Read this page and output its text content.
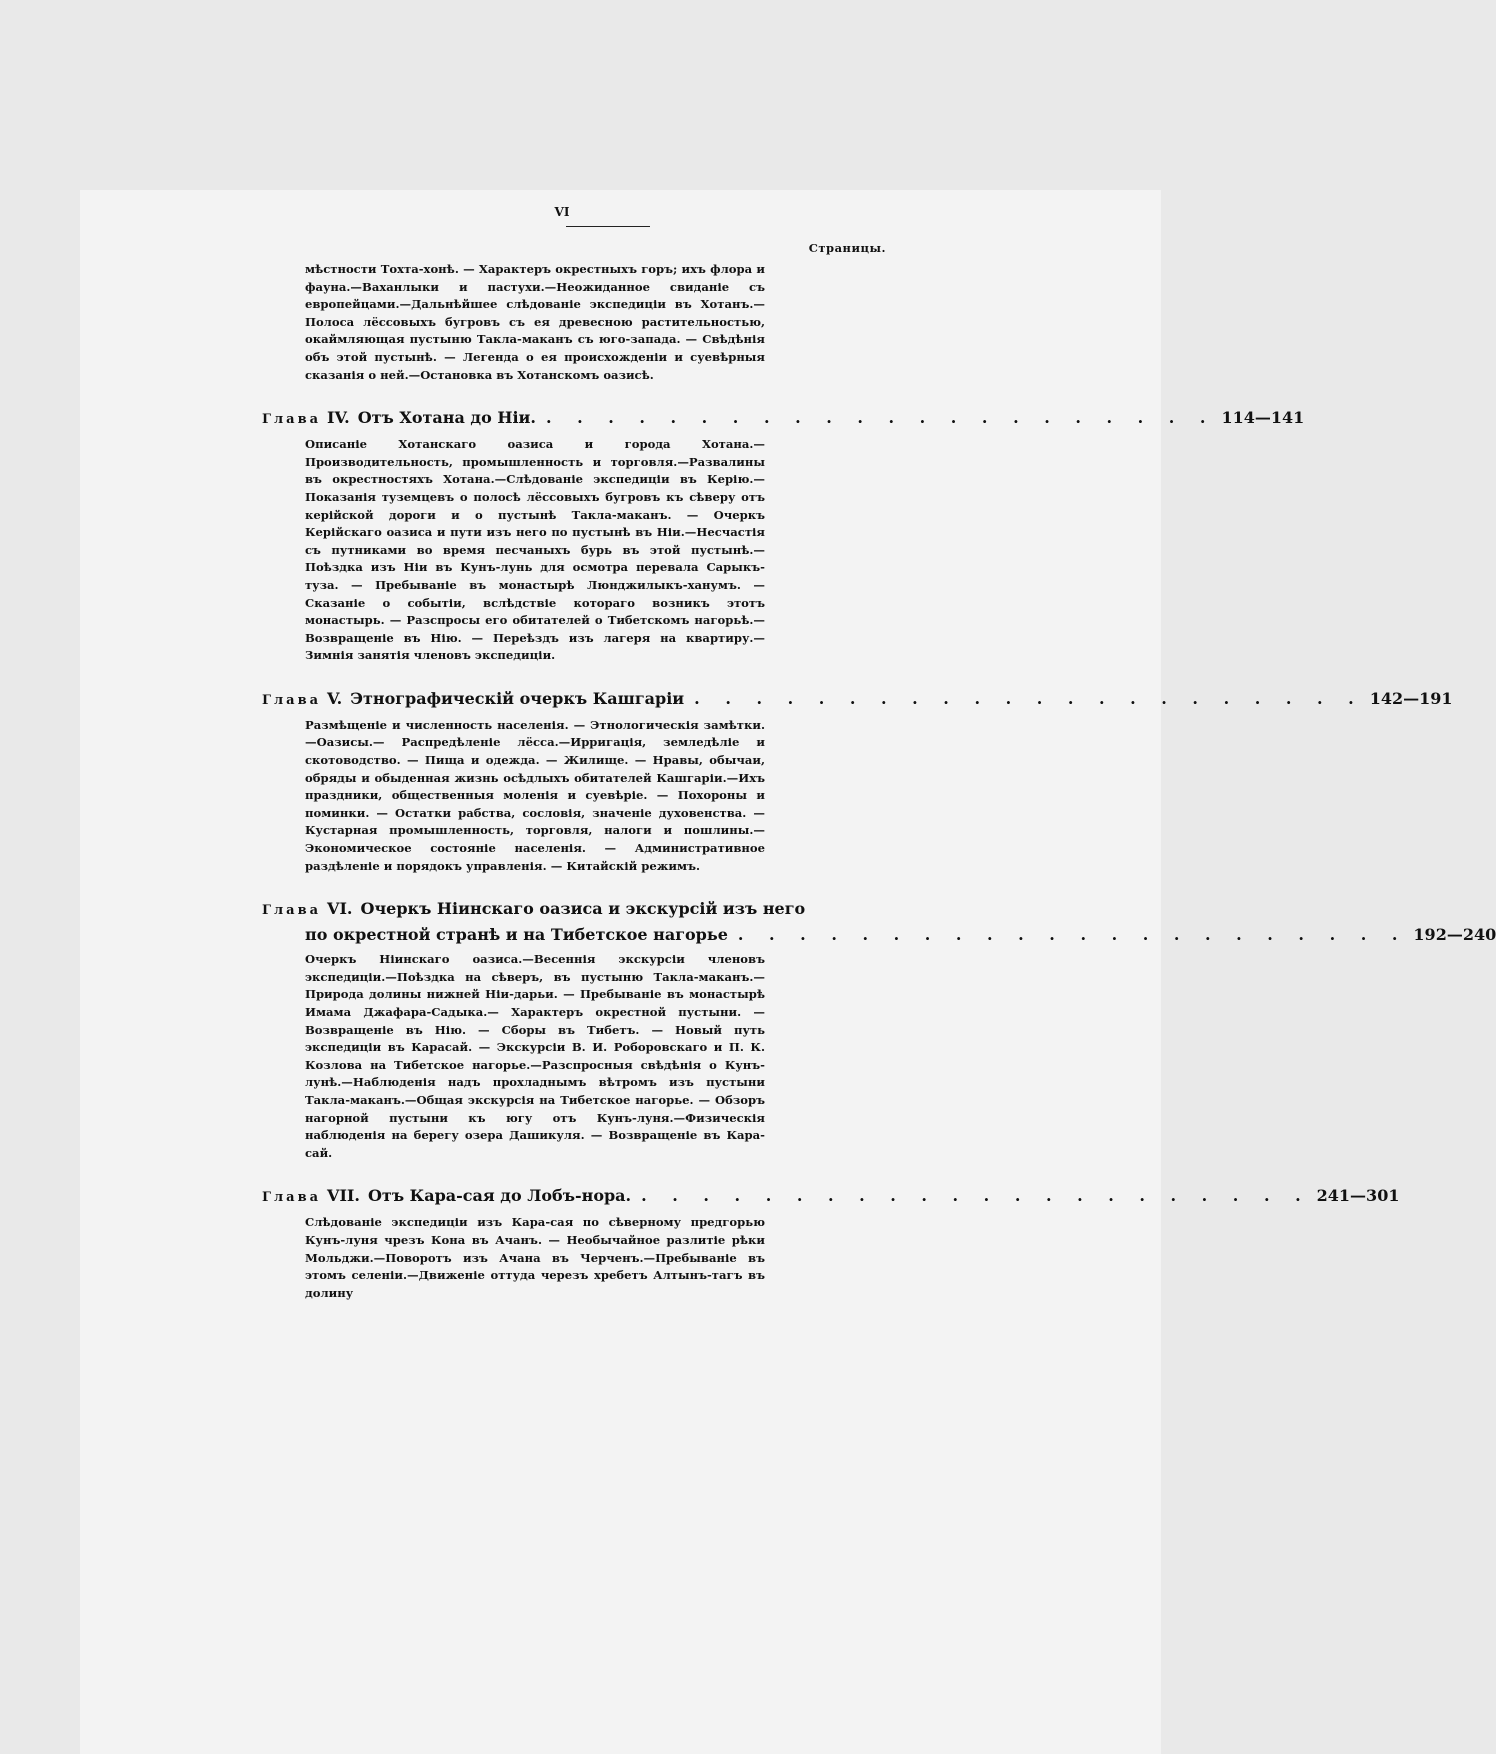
VI
Страницы.
мѣстности Тохта-хонѣ. — Характеръ окрестныхъ горъ; ихъ флора и фауна.—Ваханлыки и пастухи.—Неожиданное свиданіе съ европейцами.—Дальнѣйшее слѣдованіе экспедиціи въ Хотанъ.—Полоса лёссовыхъ бугровъ съ ея древесною растительностью, окаймляющая пустыню Такла-маканъ съ юго-запада. — Свѣдѣнія объ этой пустынѣ. — Легенда о ея происхожденіи и суевѣрныя сказанія о ней.—Остановка въ Хотанскомъ оазисѣ.
Глава IV. Отъ Хотана до Ніи. . . . . . . . . . . . . . . . . . . . . . . 114—141
Описаніе Хотанскаго оазиса и города Хотана.—Производительность, промышленность и торговля.—Развалины въ окрестностяхъ Хотана.—Слѣдованіе экспедиціи въ Керію.—Показанія туземцевъ о полосѣ лёссовыхъ бугровъ къ сѣверу отъ керійской дороги и о пустынѣ Такла-маканъ. — Очеркъ Керійскаго оазиса и пути изъ него по пустынѣ въ Ніи.—Несчастія съ путниками во время песчаныхъ бурь въ этой пустынѣ.—Поѣздка изъ Ніи въ Кунъ-лунь для осмотра перевала Сарыкъ-туза. — Пребываніе въ монастырѣ Люнджилыкъ-ханумъ. — Сказаніе о событіи, вслѣдствіе котораго возникъ этотъ монастырь. — Разспросы его обитателей о Тибетскомъ нагорьѣ.— Возвращеніе въ Нію. — Переѣздъ изъ лагеря на квартиру.— Зимнія занятія членовъ экспедиціи.
Глава V. Этнографическій очеркъ Кашгаріи . . . . . . . . . . . . . . . . . . . . . . 142—191
Размѣщеніе и численность населенія. — Этнологическія замѣтки.—Оазисы.— Распредѣленіе лёсса.—Ирригація, земледѣліе и скотоводство. — Пища и одежда. — Жилище. — Нравы, обычаи, обряды и обыденная жизнь осѣдлыхъ обитателей Кашгаріи.—Ихъ праздники, общественныя моленія и суевѣріе. — Похороны и поминки. — Остатки рабства, сословія, значеніе духовенства. — Кустарная промышленность, торговля, налоги и пошлины.—Экономическое состояніе населенія. — Административное раздѣленіе и порядокъ управленія. — Китайскій режимъ.
Глава VI. Очеркъ Ніинскаго оазиса и экскурсій изъ него
по окрестной странѣ и на Тибетское нагорье . . . . . . . . . . . . . . . . . . . . . . 192—240
Очеркъ Ніинскаго оазиса.—Весеннія экскурсіи членовъ экспедиціи.—Поѣздка на сѣверъ, въ пустыню Такла-маканъ.—Природа долины нижней Ніи-дарьи. — Пребываніе въ монастырѣ Имама Джафара-Садыка.— Характеръ окрестной пустыни. — Возвращеніе въ Нію. — Сборы въ Тибетъ. — Новый путь экспедиціи въ Карасай. — Экскурсіи В. И. Роборовскаго и П. К. Козлова на Тибетское нагорье.—Разспросныя свѣдѣнія о Кунъ-лунѣ.—Наблюденія надъ прохладнымъ вѣтромъ изъ пустыни Такла-маканъ.—Общая экскурсія на Тибетское нагорье. — Обзоръ нагорной пустыни къ югу отъ Кунъ-луня.—Физическія наблюденія на берегу озера Дашикуля. — Возвращеніе въ Кара-сай.
Глава VII. Отъ Кара-сая до Лобъ-нора. . . . . . . . . . . . . . . . . . . . . . . 241—301
Слѣдованіе экспедиціи изъ Кара-сая по сѣверному предгорью Кунъ-луня чрезъ Кона въ Ачанъ. — Необычайное разлитіе рѣки Мольджи.—Поворотъ изъ Ачана въ Черченъ.—Пребываніе въ этомъ селеніи.—Движеніе оттуда черезъ хребетъ Алтынъ-тагъ въ долину
